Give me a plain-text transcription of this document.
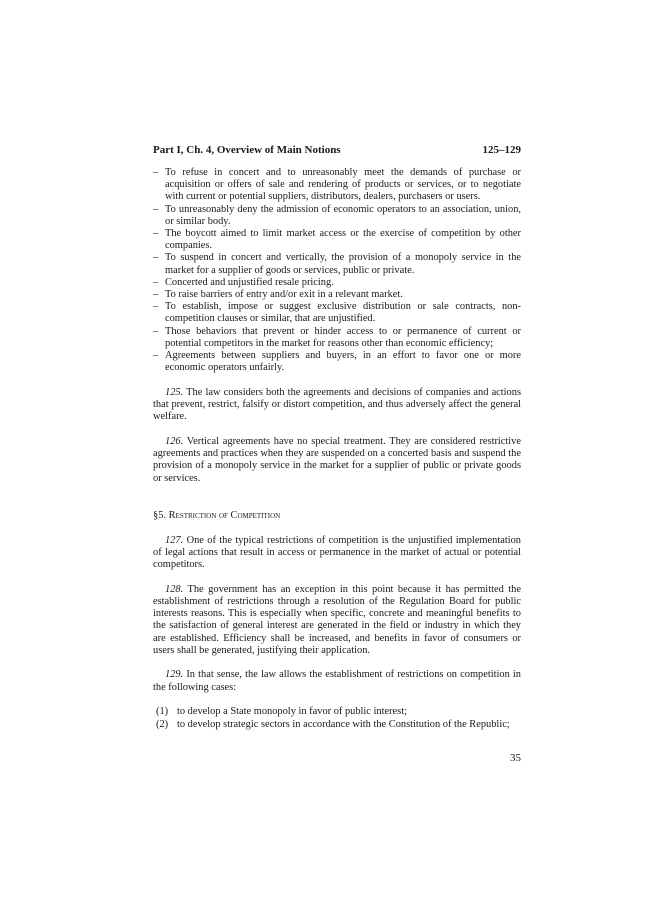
Part I, Ch. 4, Overview of Main Notions	125–129
– To refuse in concert and to unreasonably meet the demands of purchase or acquisition or offers of sale and rendering of products or services, or to negotiate with current or potential suppliers, distributors, dealers, purchasers or users.
– To unreasonably deny the admission of economic operators to an association, union, or similar body.
– The boycott aimed to limit market access or the exercise of competition by other companies.
– To suspend in concert and vertically, the provision of a monopoly service in the market for a supplier of goods or services, public or private.
– Concerted and unjustified resale pricing.
– To raise barriers of entry and/or exit in a relevant market.
– To establish, impose or suggest exclusive distribution or sale contracts, non-competition clauses or similar, that are unjustified.
– Those behaviors that prevent or hinder access to or permanence of current or potential competitors in the market for reasons other than economic efficiency;
– Agreements between suppliers and buyers, in an effort to favor one or more economic operators unfairly.

125. The law considers both the agreements and decisions of companies and actions that prevent, restrict, falsify or distort competition, and thus adversely affect the general welfare.

126. Vertical agreements have no special treatment. They are considered restrictive agreements and practices when they are suspended on a concerted basis and suspend the provision of a monopoly service in the market for a supplier of public or private goods or services.

§5. Restriction of Competition

127. One of the typical restrictions of competition is the unjustified implementation of legal actions that result in access or permanence in the market of actual or potential competitors.

128. The government has an exception in this point because it has permitted the establishment of restrictions through a resolution of the Regulation Board for public interests reasons. This is especially when specific, concrete and meaningful benefits to the satisfaction of general interest are generated in the field or industry in which they are established. Efficiency shall be increased, and benefits in favor of consumers or users shall be generated, justifying their application.

129. In that sense, the law allows the establishment of restrictions on competition in the following cases:

(1) to develop a State monopoly in favor of public interest;
(2) to develop strategic sectors in accordance with the Constitution of the Republic;
35
